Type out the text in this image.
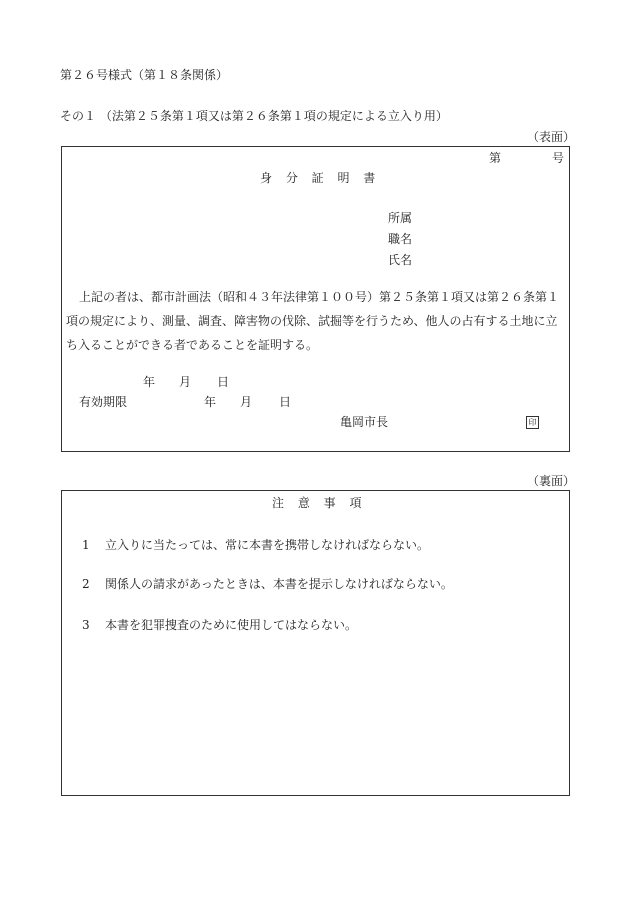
第２６号様式（第１８条関係）
その１ （法第２５条第１項又は第２６条第１項の規定による立入り用）
（表面）
第	号
身 分 証 明 書
所属
職名
氏名
上記の者は、都市計画法（昭和４３年法律第１００号）第２５条第１項又は第２６条第１項の規定により、測量、調査、障害物の伐除、試掘等を行うため、他人の占有する土地に立ち入ることができる者であることを証明する。
年 月 日
有効期限	年 月 日
亀岡市長	印
（裏面）
注 意 事 項
1 立入りに当たっては、常に本書を携帯しなければならない。
2 関係人の請求があったときは、本書を提示しなければならない。
3 本書を犯罪捜査のために使用してはならない。
